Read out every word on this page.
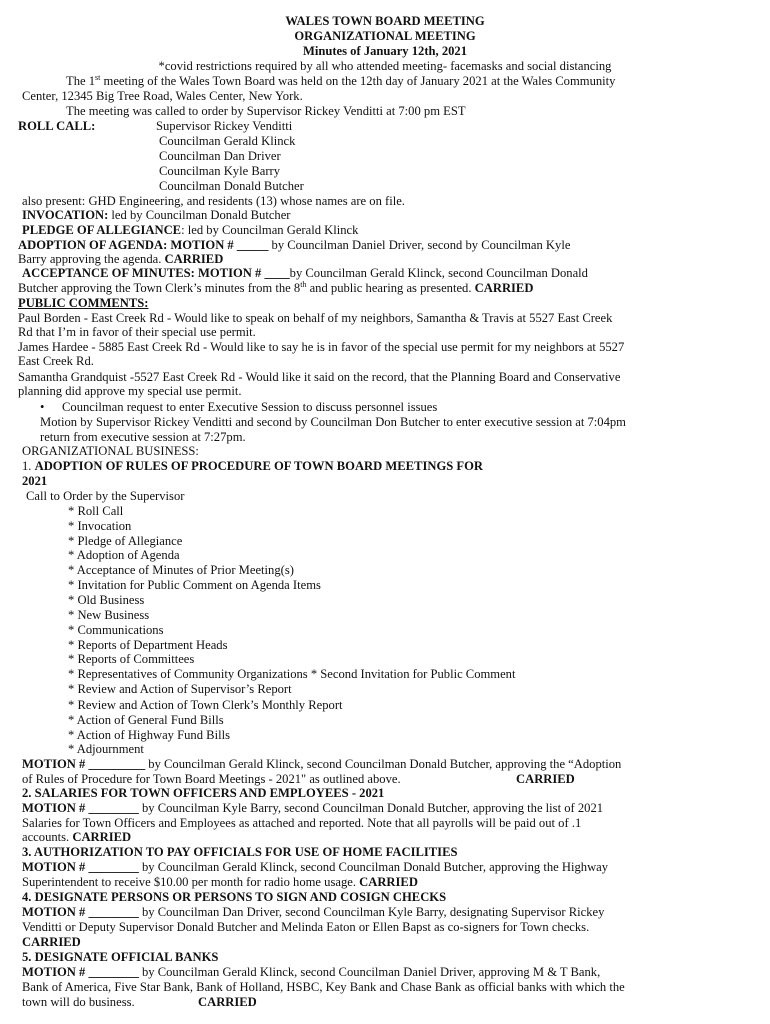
WALES TOWN BOARD MEETING
ORGANIZATIONAL MEETING
Minutes of January 12th, 2021
*covid restrictions required by all who attended meeting- facemasks and social distancing
The 1st meeting of the Wales Town Board was held on the 12th day of January 2021 at the Wales Community
Center, 12345 Big Tree Road, Wales Center, New York.
The meeting was called to order by Supervisor Rickey Venditti at 7:00 pm EST
ROLL CALL:	Supervisor Rickey Venditti
Councilman Gerald Klinck
Councilman Dan Driver
Councilman Kyle Barry
Councilman Donald Butcher
also present: GHD Engineering, and residents (13) whose names are on file.
INVOCATION: led by Councilman Donald Butcher
PLEDGE OF ALLEGIANCE: led by Councilman Gerald Klinck
ADOPTION OF AGENDA: MOTION # _____ by Councilman Daniel Driver, second by Councilman Kyle
Barry approving the agenda. CARRIED
ACCEPTANCE OF MINUTES: MOTION # ____by Councilman Gerald Klinck, second Councilman Donald
Butcher approving the Town Clerk’s minutes from the 8th and public hearing as presented. CARRIED
PUBLIC COMMENTS:
Paul Borden - East Creek Rd - Would like to speak on behalf of my neighbors, Samantha & Travis at 5527 East Creek
Rd that I’m in favor of their special use permit.
James Hardee - 5885 East Creek Rd - Would like to say he is in favor of the special use permit for my neighbors at 5527
East Creek Rd.
Samantha Grandquist -5527 East Creek Rd - Would like it said on the record, that the Planning Board and Conservative
planning did approve my special use permit.
• Councilman request to enter Executive Session to discuss personnel issues
Motion by Supervisor Rickey Venditti and second by Councilman Don Butcher to enter executive session at 7:04pm
return from executive session at 7:27pm.
ORGANIZATIONAL BUSINESS:
1. ADOPTION OF RULES OF PROCEDURE OF TOWN BOARD MEETINGS FOR
2021
Call to Order by the Supervisor
* Roll Call
* Invocation
* Pledge of Allegiance
* Adoption of Agenda
* Acceptance of Minutes of Prior Meeting(s)
* Invitation for Public Comment on Agenda Items
* Old Business
* New Business
* Communications
* Reports of Department Heads
* Reports of Committees
* Representatives of Community Organizations * Second Invitation for Public Comment
* Review and Action of Supervisor’s Report
* Review and Action of Town Clerk’s Monthly Report
* Action of General Fund Bills
* Action of Highway Fund Bills
* Adjournment
MOTION # _________ by Councilman Gerald Klinck, second Councilman Donald Butcher, approving the “Adoption
of Rules of Procedure for Town Board Meetings - 2021" as outlined above.	CARRIED
2. SALARIES FOR TOWN OFFICERS AND EMPLOYEES - 2021
MOTION # ________ by Councilman Kyle Barry, second Councilman Donald Butcher, approving the list of 2021
Salaries for Town Officers and Employees as attached and reported. Note that all payrolls will be paid out of .1
accounts. CARRIED
3. AUTHORIZATION TO PAY OFFICIALS FOR USE OF HOME FACILITIES
MOTION # ________ by Councilman Gerald Klinck, second Councilman Donald Butcher, approving the Highway
Superintendent to receive $10.00 per month for radio home usage. CARRIED
4. DESIGNATE PERSONS OR PERSONS TO SIGN AND COSIGN CHECKS
MOTION # ________ by Councilman Dan Driver, second Councilman Kyle Barry, designating Supervisor Rickey
Venditti or Deputy Supervisor Donald Butcher and Melinda Eaton or Ellen Bapst as co-signers for Town checks.
CARRIED
5. DESIGNATE OFFICIAL BANKS
MOTION # ________ by Councilman Gerald Klinck, second Councilman Daniel Driver, approving M & T Bank,
Bank of America, Five Star Bank, Bank of Holland, HSBC, Key Bank and Chase Bank as official banks with which the
town will do business.	CARRIED
